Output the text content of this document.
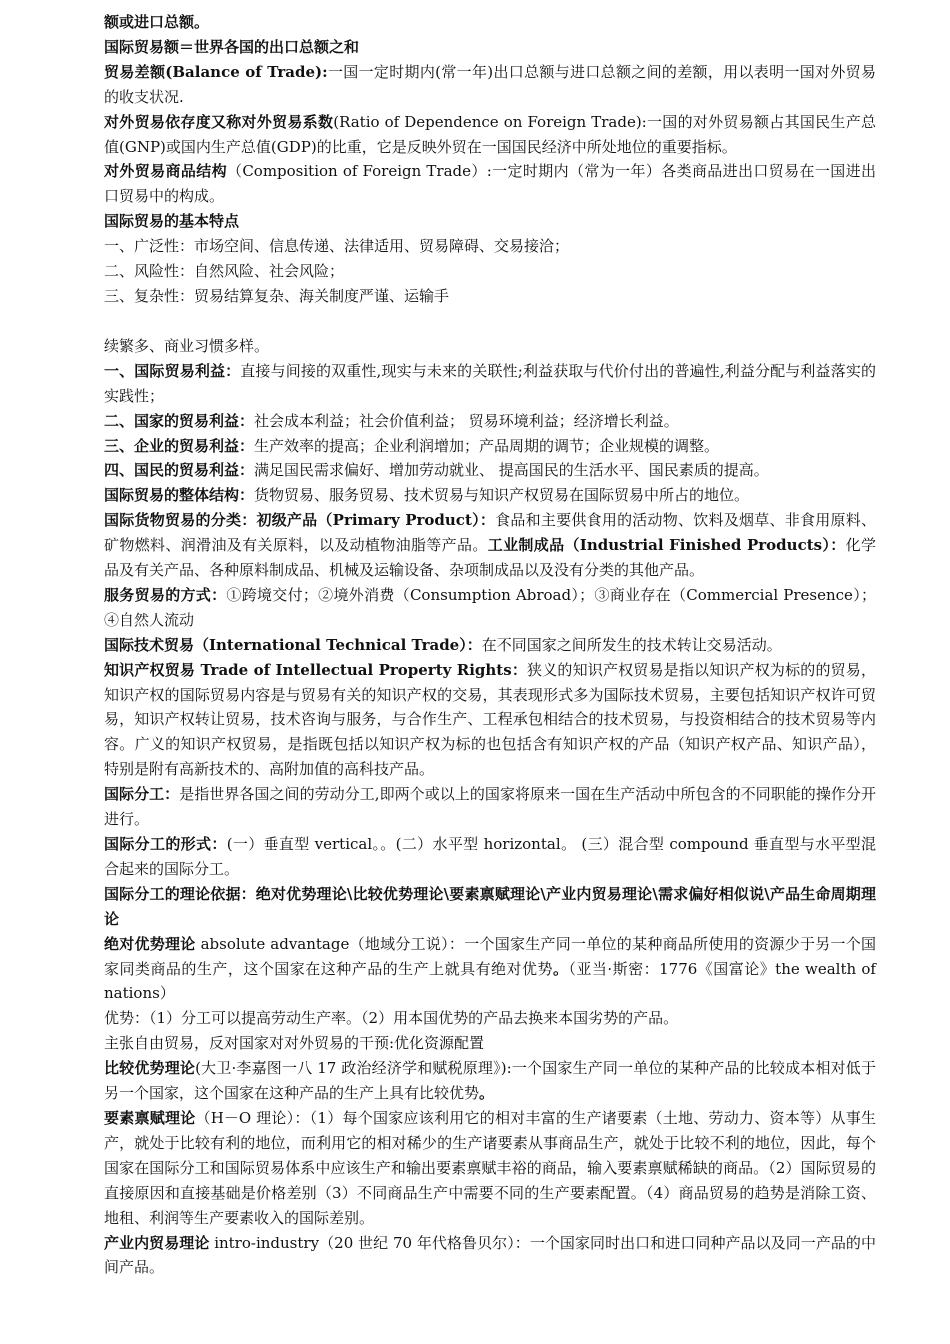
额或进口总额。

国际贸易额＝世界各国的出口总额之和

贸易差额(Balance of Trade):一国一定时期内(常一年)出口总额与进口总额之间的差额，用以表明一国对外贸易的收支状况.

对外贸易依存度又称对外贸易系数(Ratio of Dependence on Foreign Trade):一国的对外贸易额占其国民生产总值(GNP)或国内生产总值(GDP)的比重，它是反映外贸在一国国民经济中所处地位的重要指标。

对外贸易商品结构（Composition of Foreign Trade）:一定时期内（常为一年）各类商品进出口贸易在一国进出口贸易中的构成。

国际贸易的基本特点

一、广泛性：市场空间、信息传递、法律适用、贸易障碍、交易接洽；

二、风险性：自然风险、社会风险；

三、复杂性：贸易结算复杂、海关制度严谨、运输手

续繁多、商业习惯多样。

一、国际贸易利益：直接与间接的双重性,现实与未来的关联性;利益获取与代价付出的普遍性,利益分配与利益落实的实践性；

二、国家的贸易利益：社会成本利益；社会价值利益； 贸易环境利益；经济增长利益。

三、企业的贸易利益：生产效率的提高；企业利润增加；产品周期的调节；企业规模的调整。

四、国民的贸易利益：满足国民需求偏好、增加劳动就业、 提高国民的生活水平、国民素质的提高。

国际贸易的整体结构：货物贸易、服务贸易、技术贸易与知识产权贸易在国际贸易中所占的地位。

国际货物贸易的分类：初级产品（Primary Product）：食品和主要供食用的活动物、饮料及烟草、非食用原料、矿物燃料、润滑油及有关原料，以及动植物油脂等产品。工业制成品（Industrial Finished Products）：化学品及有关产品、各种原料制成品、机械及运输设备、杂项制成品以及没有分类的其他产品。

服务贸易的方式：①跨境交付；②境外消费（Consumption Abroad）；③商业存在（Commercial Presence）；④自然人流动

国际技术贸易（International Technical Trade）：在不同国家之间所发生的技术转让交易活动。

知识产权贸易 Trade of Intellectual Property Rights：狭义的知识产权贸易是指以知识产权为标的的贸易，知识产权的国际贸易内容是与贸易有关的知识产权的交易，其表现形式多为国际技术贸易，主要包括知识产权许可贸易，知识产权转让贸易，技术咨询与服务，与合作生产、工程承包相结合的技术贸易，与投资相结合的技术贸易等内容。广义的知识产权贸易，是指既包括以知识产权为标的也包括含有知识产权的产品（知识产权产品、知识产品），特别是附有高新技术的、高附加值的高科技产品。

国际分工：是指世界各国之间的劳动分工,即两个或以上的国家将原来一国在生产活动中所包含的不同职能的操作分开进行。

国际分工的形式：(一）垂直型 vertical。。(二）水平型 horizontal。 (三）混合型 compound 垂直型与水平型混合起来的国际分工。

国际分工的理论依据：绝对优势理论\比较优势理论\要素禀赋理论\产业内贸易理论\需求偏好相似说\产品生命周期理论

绝对优势理论 absolute advantage（地域分工说）：一个国家生产同一单位的某种商品所使用的资源少于另一个国家同类商品的生产，这个国家在这种产品的生产上就具有绝对优势。（亚当·斯密：1776《国富论》the wealth of nations）

优势：（1）分工可以提高劳动生产率。（2）用本国优势的产品去换来本国劣势的产品。

主张自由贸易，反对国家对对外贸易的干预:优化资源配置

比较优势理论(大卫·李嘉图一八 17 政治经济学和赋税原理》):一个国家生产同一单位的某种产品的比较成本相对低于另一个国家，这个国家在这种产品的生产上具有比较优势。

要素禀赋理论（H－O 理论）：（1）每个国家应该利用它的相对丰富的生产诸要素（土地、劳动力、资本等）从事生产，就处于比较有利的地位，而利用它的相对稀少的生产诸要素从事商品生产，就处于比较不利的地位，因此，每个国家在国际分工和国际贸易体系中应该生产和输出要素禀赋丰裕的商品，输入要素禀赋稀缺的商品。（2）国际贸易的直接原因和直接基础是价格差别（3）不同商品生产中需要不同的生产要素配置。（4）商品贸易的趋势是消除工资、地租、利润等生产要素收入的国际差别。

产业内贸易理论 intro-industry（20 世纪 70 年代格鲁贝尔）：一个国家同时出口和进口同种产品以及同一产品的中间产品。
